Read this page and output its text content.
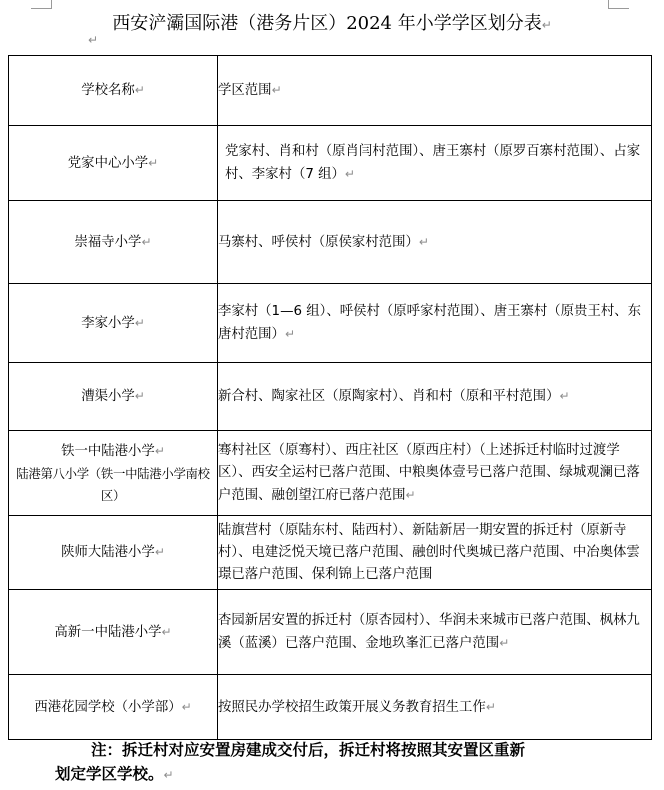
西安浐灞国际港（港务片区）2024 年小学学区划分表↵
↵
学校名称↵	学区范围↵
党家中心小学↵	党家村、肖和村（原肖闫村范围）、唐王寨村（原罗百寨村范围）、占家村、李家村（7 组）↵

崇福寺小学↵	马寨村、呼侯村（原侯家村范围）↵

李家小学↵	李家村（1—6 组）、呼侯村（原呼家村范围）、唐王寨村（原贵王村、东唐村范围）↵

漕渠小学↵	新合村、陶家社区（原陶家村）、肖和村（原和平村范围）↵

铁一中陆港小学↵
陆港第八小学（铁一中陆港小学南校区）	骞村社区（原骞村）、西庄社区（原西庄村）（上述拆迁村临时过渡学区）、西安全运村已落户范围、中粮奥体壹号已落户范围、绿城观澜已落户范围、融创望江府已落户范围↵

陕师大陆港小学↵	陆旗营村（原陆东村、陆西村）、新陆新居一期安置的拆迁村（原新寺村）、电建泛悦天境已落户范围、融创时代奥城已落户范围、中冶奥体雲璟已落户范围、保利锦上已落户范围

高新一中陆港小学↵	杏园新居安置的拆迁村（原杏园村）、华润未来城市已落户范围、枫林九溪（蓝溪）已落户范围、金地玖峯汇已落户范围↵

西港花园学校（小学部）↵	按照民办学校招生政策开展义务教育招生工作↵
注：拆迁村对应安置房建成交付后，拆迁村将按照其安置区重新
划定学区学校。↵
